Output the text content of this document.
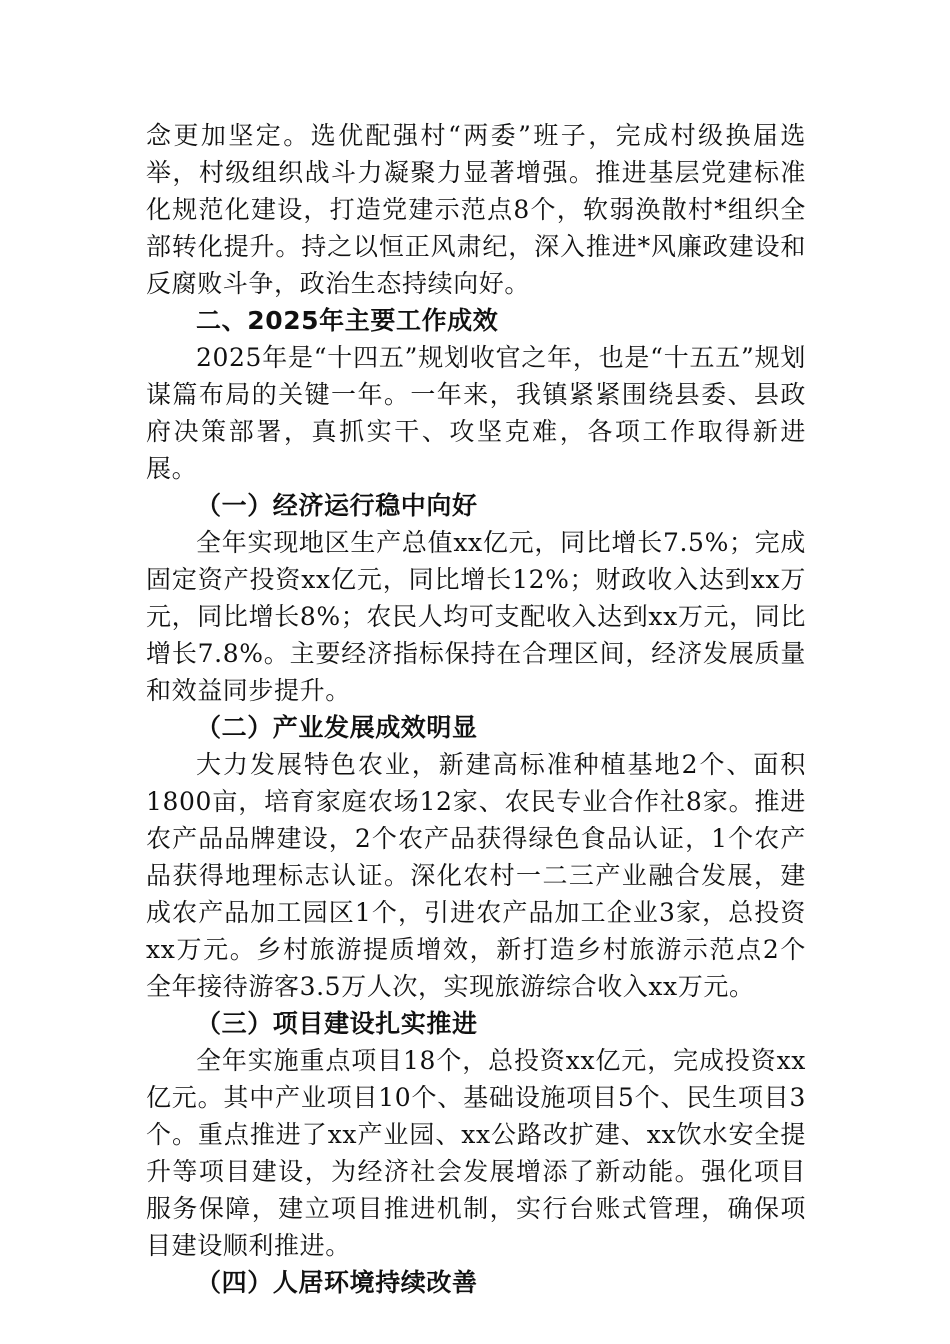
念更加坚定。选优配强村“两委”班子，完成村级换届选举，村级组织战斗力凝聚力显著增强。推进基层党建标准化规范化建设，打造党建示范点8个，软弱涣散村*组织全部转化提升。持之以恒正风肃纪，深入推进*风廉政建设和反腐败斗争，政治生态持续向好。

二、2025年主要工作成效

2025年是“十四五”规划收官之年，也是“十五五”规划谋篇布局的关键一年。一年来，我镇紧紧围绕县委、县政府决策部署，真抓实干、攻坚克难，各项工作取得新进展。

（一）经济运行稳中向好

全年实现地区生产总值xx亿元，同比增长7.5%；完成固定资产投资xx亿元，同比增长12%；财政收入达到xx万元，同比增长8%；农民人均可支配收入达到xx万元，同比增长7.8%。主要经济指标保持在合理区间，经济发展质量和效益同步提升。

（二）产业发展成效明显

大力发展特色农业，新建高标准种植基地2个、面积1800亩，培育家庭农场12家、农民专业合作社8家。推进农产品品牌建设，2个农产品获得绿色食品认证，1个农产品获得地理标志认证。深化农村一二三产业融合发展，建成农产品加工园区1个，引进农产品加工企业3家，总投资xx万元。乡村旅游提质增效，新打造乡村旅游示范点2个全年接待游客3.5万人次，实现旅游综合收入xx万元。

（三）项目建设扎实推进

全年实施重点项目18个，总投资xx亿元，完成投资xx亿元。其中产业项目10个、基础设施项目5个、民生项目3个。重点推进了xx产业园、xx公路改扩建、xx饮水安全提升等项目建设，为经济社会发展增添了新动能。强化项目服务保障，建立项目推进机制，实行台账式管理，确保项目建设顺利推进。

（四）人居环境持续改善
